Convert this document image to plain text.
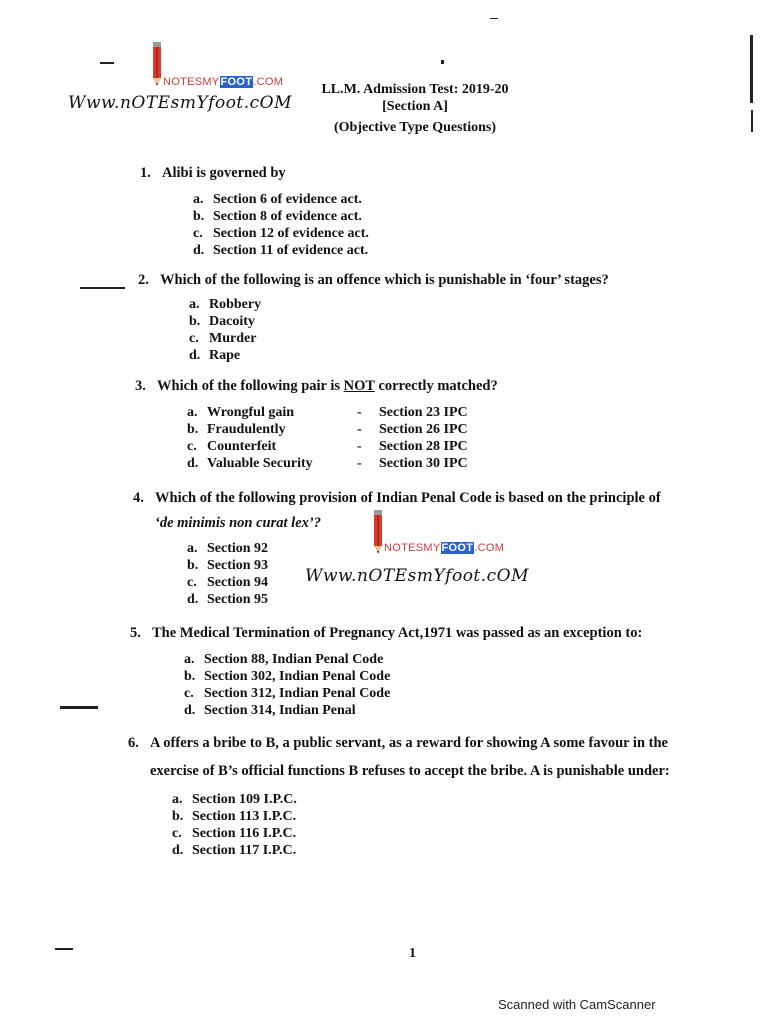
NOTESMYFOOT.COM
Www.nOTEsmYfoot.cOM
LL.M. Admission Test: 2019-20
[Section A]
(Objective Type Questions)
1. Alibi is governed by
a. Section 6 of evidence act.
b. Section 8 of evidence act.
c. Section 12 of evidence act.
d. Section 11 of evidence act.
2. Which of the following is an offence which is punishable in ‘four’ stages?
a. Robbery
b. Dacoity
c. Murder
d. Rape
3. Which of the following pair is NOT correctly matched?
a. Wrongful gain	-	Section 23 IPC
b. Fraudulently	-	Section 26 IPC
c. Counterfeit	-	Section 28 IPC
d. Valuable Security	-	Section 30 IPC
4. Which of the following provision of Indian Penal Code is based on the principle of
‘de minimis non curat lex’?
NOTESMYFOOT.COM
Www.nOTEsmYfoot.cOM
a. Section 92
b. Section 93
c. Section 94
d. Section 95
5. The Medical Termination of Pregnancy Act,1971 was passed as an exception to:
a. Section 88, Indian Penal Code
b. Section 302, Indian Penal Code
c. Section 312, Indian Penal Code
d. Section 314, Indian Penal
6. A offers a bribe to B, a public servant, as a reward for showing A some favour in the
exercise of B’s official functions B refuses to accept the bribe. A is punishable under:
a. Section 109 I.P.C.
b. Section 113 I.P.C.
c. Section 116 I.P.C.
d. Section 117 I.P.C.
1
Scanned with CamScanner
